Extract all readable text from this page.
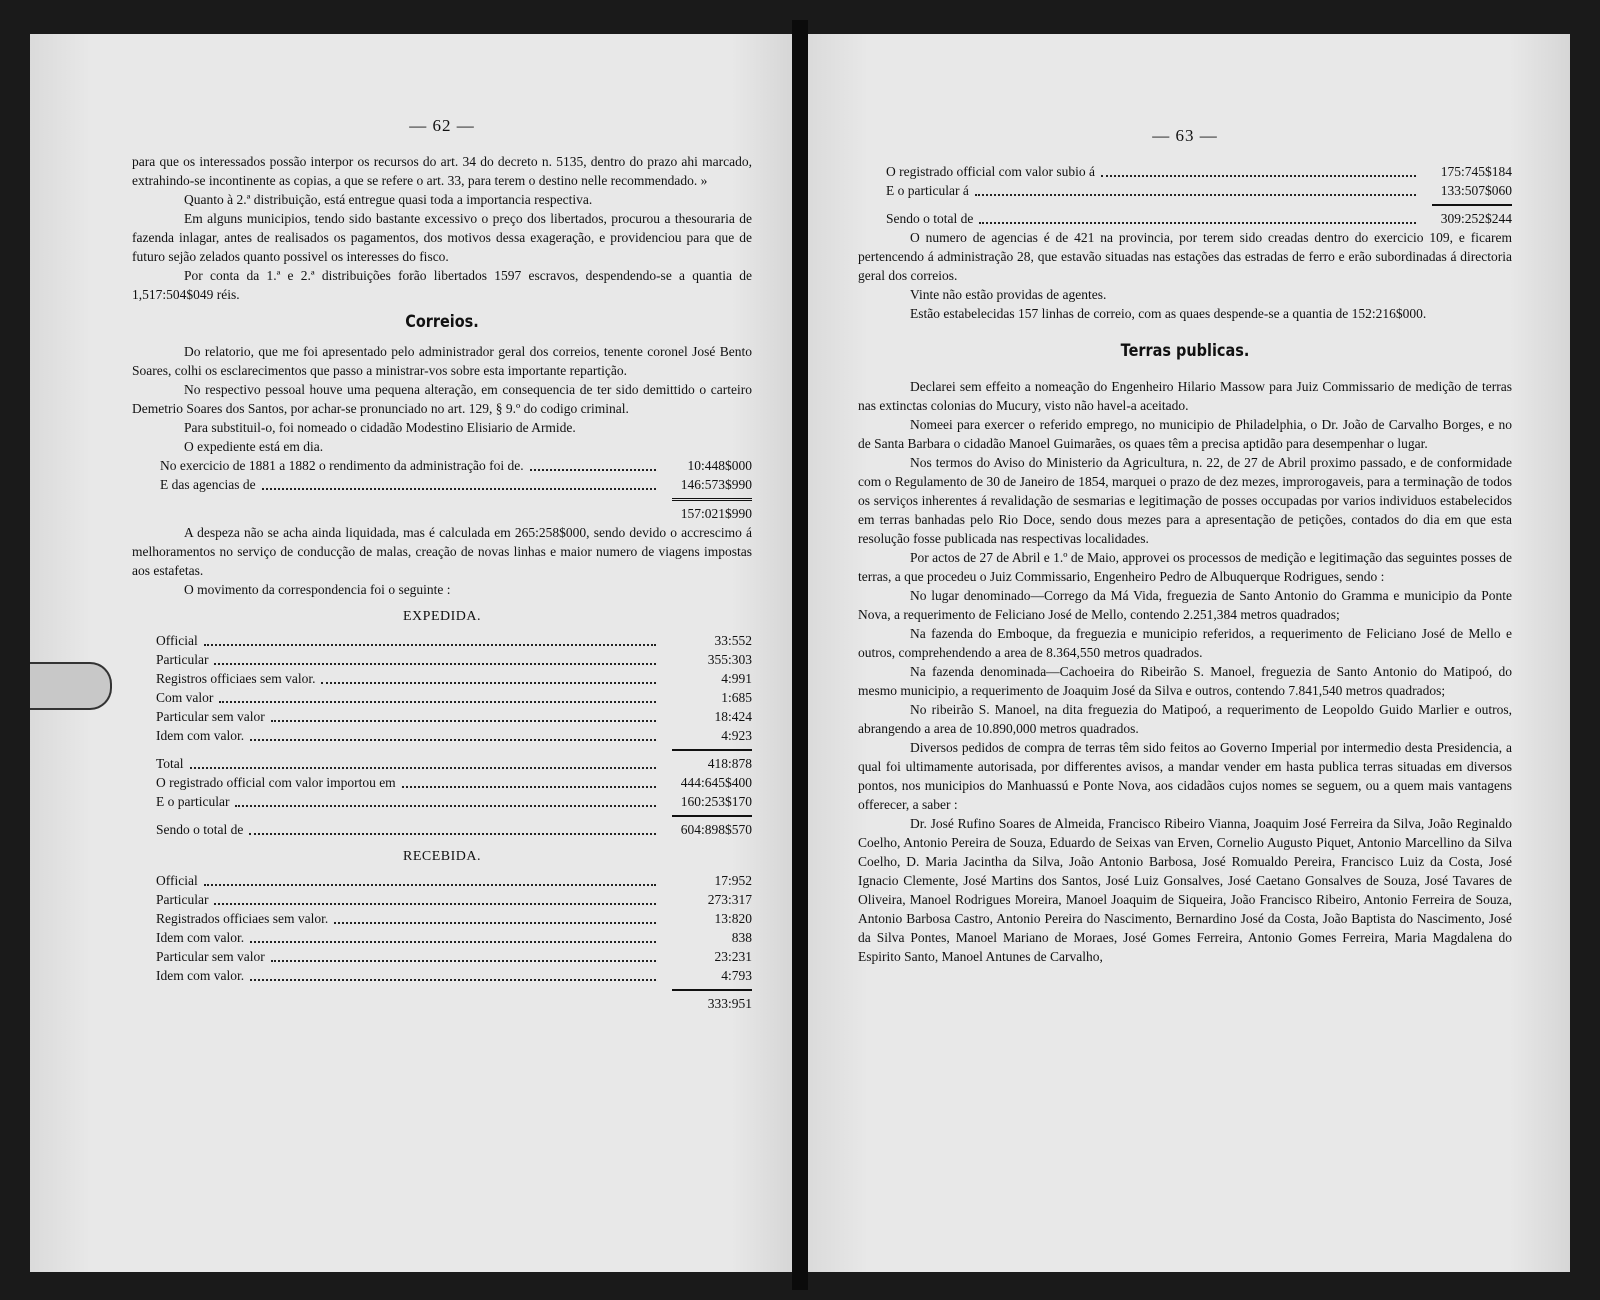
— 62 —

para que os interessados possão interpor os recursos do art. 34 do decreto n. 5135, dentro do prazo ahi marcado, extrahindo-se incontinente as copias, a que se refere o art. 33, para terem o destino nelle recommendado. »

Quanto à 2.ª distribuição, está entregue quasi toda a importancia respectiva.

Em alguns municipios, tendo sido bastante excessivo o preço dos libertados, procurou a thesouraria de fazenda inlagar, antes de realisados os pagamentos, dos motivos dessa exageração, e providenciou para que de futuro sejão zelados quanto possivel os interesses do fisco.

Por conta da 1.ª e 2.ª distribuições forão libertados 1597 escravos, despendendo-se a quantia de 1,517:504$049 réis.

Correios.

Do relatorio, que me foi apresentado pelo administrador geral dos correios, tenente coronel José Bento Soares, colhi os esclarecimentos que passo a ministrar-vos sobre esta importante repartição.

No respectivo pessoal houve uma pequena alteração, em consequencia de ter sido demittido o carteiro Demetrio Soares dos Santos, por achar-se pronunciado no art. 129, § 9.º do codigo criminal.

Para substituil-o, foi nomeado o cidadão Modestino Elisiario de Armide.

O expediente está em dia.

No exercicio de 1881 a 1882 o rendimento da administração foi de.	10:448$000
E das agencias de	146:573$990
157:021$990

A despeza não se acha ainda liquidada, mas é calculada em 265:258$000, sendo devido o accrescimo á melhoramentos no serviço de conducção de malas, creação de novas linhas e maior numero de viagens impostas aos estafetas.

O movimento da correspondencia foi o seguinte :

EXPEDIDA.
Official	33:552
Particular	355:303
Registros officiaes sem valor.	4:991
Com valor	1:685
Particular sem valor	18:424
Idem com valor.	4:923
Total	418:878
O registrado official com valor importou em	444:645$400
E o particular	160:253$170
Sendo o total de	604:898$570
RECEBIDA.
Official	17:952
Particular	273:317
Registrados officiaes sem valor.	13:820
Idem com valor.	838
Particular sem valor	23:231
Idem com valor.	4:793
333:951
— 63 —
O registrado official com valor subio á	175:745$184
E o particular á	133:507$060
Sendo o total de	309:252$244

O numero de agencias é de 421 na provincia, por terem sido creadas dentro do exercicio 109, e ficarem pertencendo á administração 28, que estavão situadas nas estações das estradas de ferro e erão subordinadas á directoria geral dos correios.

Vinte não estão providas de agentes.

Estão estabelecidas 157 linhas de correio, com as quaes despende-se a quantia de 152:216$000.

Terras publicas.

Declarei sem effeito a nomeação do Engenheiro Hilario Massow para Juiz Commissario de medição de terras nas extinctas colonias do Mucury, visto não havel-a aceitado.

Nomeei para exercer o referido emprego, no municipio de Philadelphia, o Dr. João de Carvalho Borges, e no de Santa Barbara o cidadão Manoel Guimarães, os quaes têm a precisa aptidão para desempenhar o lugar.

Nos termos do Aviso do Ministerio da Agricultura, n. 22, de 27 de Abril proximo passado, e de conformidade com o Regulamento de 30 de Janeiro de 1854, marquei o prazo de dez mezes, improrogaveis, para a terminação de todos os serviços inherentes á revalidação de sesmarias e legitimação de posses occupadas por varios individuos estabelecidos em terras banhadas pelo Rio Doce, sendo dous mezes para a apresentação de petições, contados do dia em que esta resolução fosse publicada nas respectivas localidades.

Por actos de 27 de Abril e 1.º de Maio, approvei os processos de medição e legitimação das seguintes posses de terras, a que procedeu o Juiz Commissario, Engenheiro Pedro de Albuquerque Rodrigues, sendo :

No lugar denominado—Corrego da Má Vida, freguezia de Santo Antonio do Gramma e municipio da Ponte Nova, a requerimento de Feliciano José de Mello, contendo 2.251,384 metros quadrados;

Na fazenda do Emboque, da freguezia e municipio referidos, a requerimento de Feliciano José de Mello e outros, comprehendendo a area de 8.364,550 metros quadrados.

Na fazenda denominada—Cachoeira do Ribeirão S. Manoel, freguezia de Santo Antonio do Matipoó, do mesmo municipio, a requerimento de Joaquim José da Silva e outros, contendo 7.841,540 metros quadrados;

No ribeirão S. Manoel, na dita freguezia do Matipoó, a requerimento de Leopoldo Guido Marlier e outros, abrangendo a area de 10.890,000 metros quadrados.

Diversos pedidos de compra de terras têm sido feitos ao Governo Imperial por intermedio desta Presidencia, a qual foi ultimamente autorisada, por differentes avisos, a mandar vender em hasta publica terras situadas em diversos pontos, nos municipios do Manhuassú e Ponte Nova, aos cidadãos cujos nomes se seguem, ou a quem mais vantagens offerecer, a saber :

Dr. José Rufino Soares de Almeida, Francisco Ribeiro Vianna, Joaquim José Ferreira da Silva, João Reginaldo Coelho, Antonio Pereira de Souza, Eduardo de Seixas van Erven, Cornelio Augusto Piquet, Antonio Marcellino da Silva Coelho, D. Maria Jacintha da Silva, João Antonio Barbosa, José Romualdo Pereira, Francisco Luiz da Costa, José Ignacio Clemente, José Martins dos Santos, José Luiz Gonsalves, José Caetano Gonsalves de Souza, José Tavares de Oliveira, Manoel Rodrigues Moreira, Manoel Joaquim de Siqueira, João Francisco Ribeiro, Antonio Ferreira de Souza, Antonio Barbosa Castro, Antonio Pereira do Nascimento, Bernardino José da Costa, João Baptista do Nascimento, José da Silva Pontes, Manoel Mariano de Moraes, José Gomes Ferreira, Antonio Gomes Ferreira, Maria Magdalena do Espirito Santo, Manoel Antunes de Carvalho,
